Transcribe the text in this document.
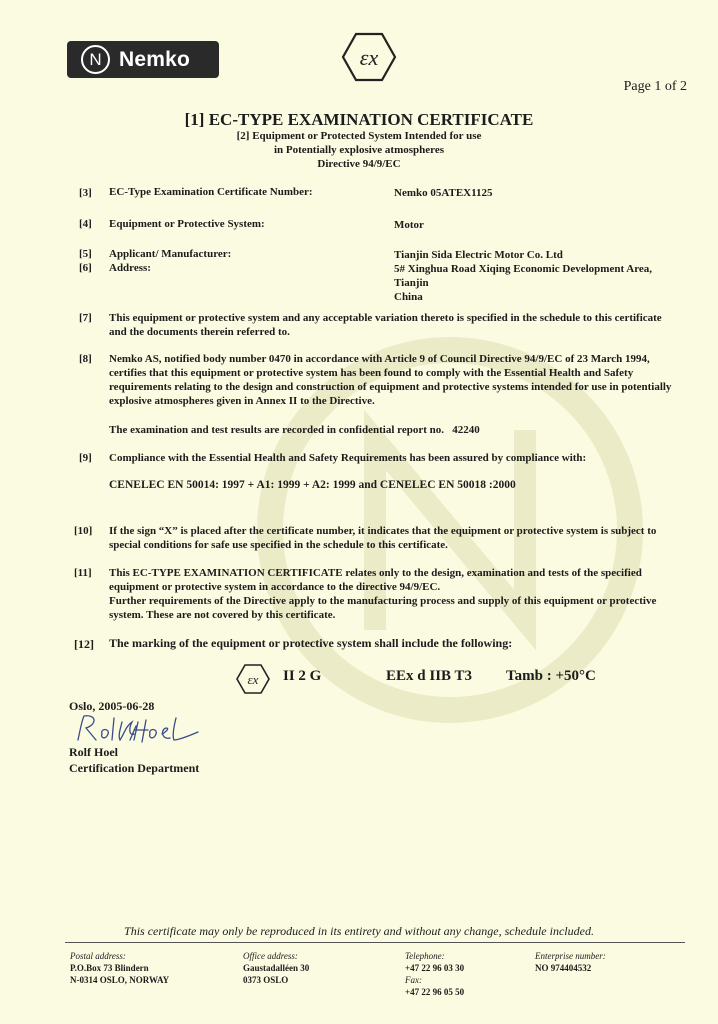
N Nemko	εx
Page 1 of 2
[1] EC-TYPE EXAMINATION CERTIFICATE
[2] Equipment or Protected System Intended for use
in Potentially explosive atmospheres
Directive 94/9/EC
[3] EC-Type Examination Certificate Number:	Nemko 05ATEX1125
[4] Equipment or Protective System:	Motor
[5] Applicant/ Manufacturer:	Tianjin Sida Electric Motor Co. Ltd
[6] Address:	5# Xinghua Road Xiqing Economic Development Area,
Tianjin
China
[7] This equipment or protective system and any acceptable variation thereto is specified in the schedule to this certificate and the documents therein referred to.
[8] Nemko AS, notified body number 0470 in accordance with Article 9 of Council Directive 94/9/EC of 23 March 1994, certifies that this equipment or protective system has been found to comply with the Essential Health and Safety requirements relating to the design and construction of equipment and protective systems intended for use in potentially explosive atmospheres given in Annex II to the Directive.
The examination and test results are recorded in confidential report no. 42240
[9] Compliance with the Essential Health and Safety Requirements has been assured by compliance with:
CENELEC EN 50014: 1997 + A1: 1999 + A2: 1999 and CENELEC EN 50018 :2000
[10] If the sign “X” is placed after the certificate number, it indicates that the equipment or protective system is subject to special conditions for safe use specified in the schedule to this certificate.
[11] This EC-TYPE EXAMINATION CERTIFICATE relates only to the design, examination and tests of the specified equipment or protective system in accordance to the directive 94/9/EC.
Further requirements of the Directive apply to the manufacturing process and supply of this equipment or protective system. These are not covered by this certificate.
[12] The marking of the equipment or protective system shall include the following:
εx II 2 G	EEx d IIB T3 Tamb : +50°C
Oslo, 2005-06-28
Rolf Hoel
Certification Department
This certificate may only be reproduced in its entirety and without any change, schedule included.
Postal address:
P.O.Box 73 Blindern
N-0314 OSLO, NORWAY
Office address:
Gaustadalléen 30
0373 OSLO
Telephone:
+47 22 96 03 30
Fax:
+47 22 96 05 50
Enterprise number:
NO 974404532
